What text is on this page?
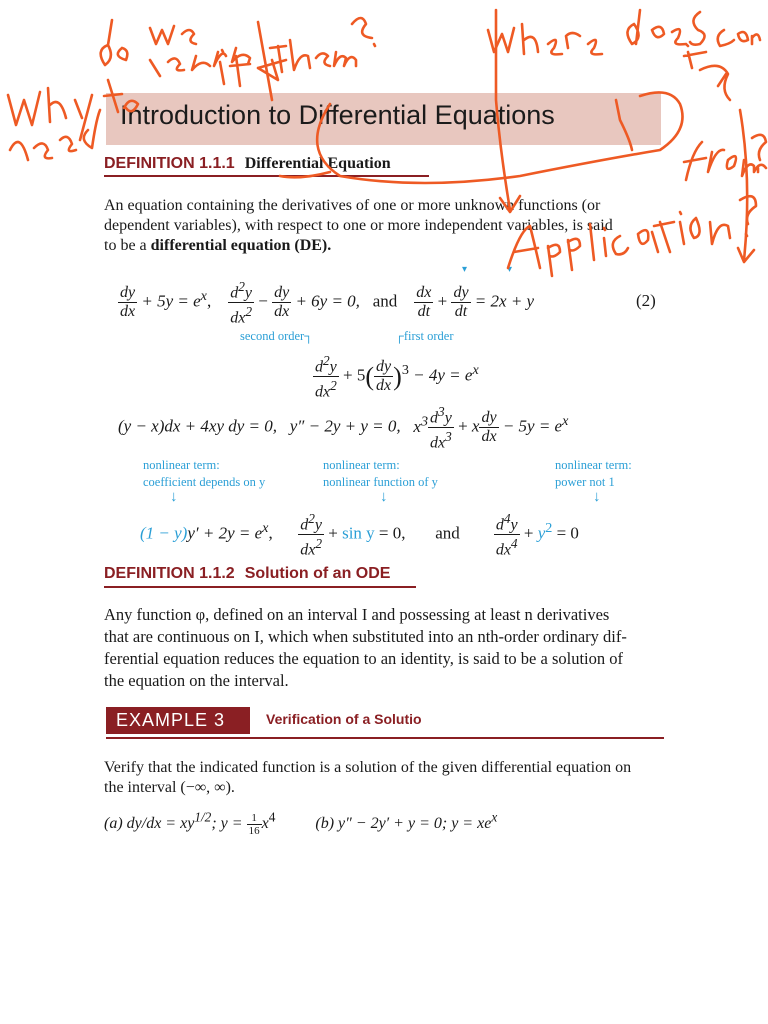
Introduction to Differential Equations
DEFINITION 1.1.1 Differential Equation
An equation containing the derivatives of one or more unknown functions (or
dependent variables), with respect to one or more independent variables, is said
to be a differential equation (DE).
$\frac{dy}{dx} + 5y = e^x$, $\frac{d^2y}{dx^2} - \frac{dy}{dx} + 6y = 0$, and $\frac{dx}{dt} + \frac{dy}{dt} = 2x + y$	(2)
▾	▾
second order┐	┌first order
$\frac{d^2y}{dx^2} + 5( \frac{dy}{dx} )^3 - 4y = e^x$
(y − x)dx + 4xy dy = 0, y″ − 2y + y = 0, $x^3 \frac{d^3y}{dx^3} + x \frac{dy}{dx} - 5y = e^x$
nonlinear term:
coefficient depends on y
↓
nonlinear term:
nonlinear function of y
↓
nonlinear term:
power not 1
↓
$(1 - y)y' + 2y = e^x$, $\frac{d^2y}{dx^2} + \sin y = 0$, and $\frac{d^4y}{dx^4} + y^2 = 0$
DEFINITION 1.1.2 Solution of an ODE
Any function φ, defined on an interval I and possessing at least n derivatives
that are continuous on I, which when substituted into an nth-order ordinary dif-
ferential equation reduces the equation to an identity, is said to be a solution of
the equation on the interval.
EXAMPLE 3	Verification of a Solutio
Verify that the indicated function is a solution of the given differential equation on
the interval (−∞, ∞).
(a) $dy/dx = xy^{1/2}$; $y = \frac{1}{16} x^4$	(b) y″ − 2y′ + y = 0; $y = xe^x$
